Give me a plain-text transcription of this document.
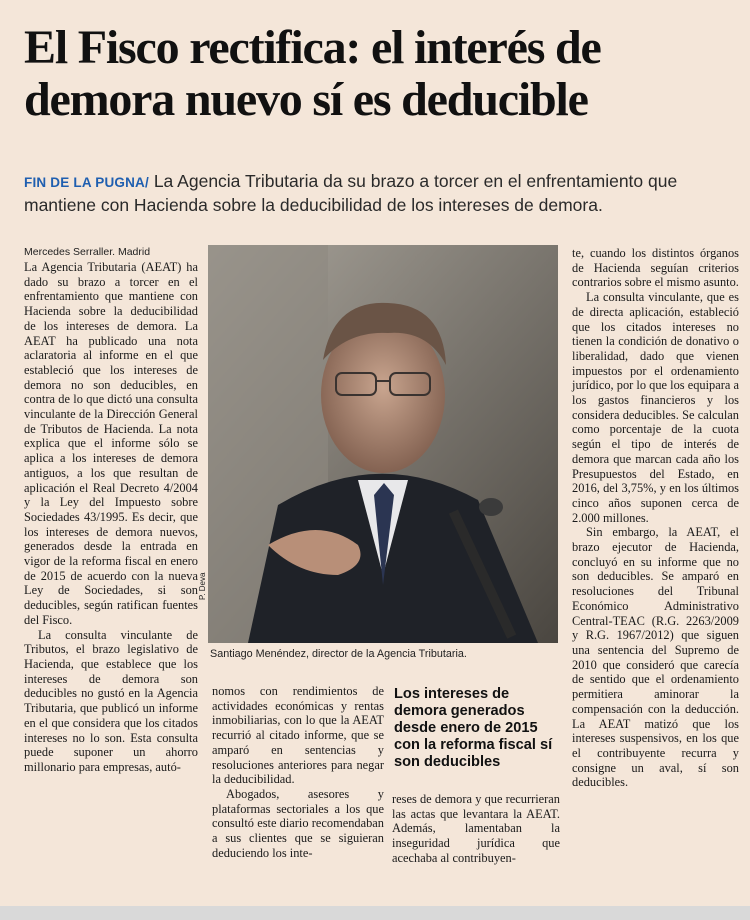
El Fisco rectifica: el interés de demora nuevo sí es deducible
FIN DE LA PUGNA/ La Agencia Tributaria da su brazo a torcer en el enfrentamiento que mantiene con Hacienda sobre la deducibilidad de los intereses de demora.
Mercedes Serraller. Madrid

La Agencia Tributaria (AEAT) ha dado su brazo a torcer en el enfrentamiento que mantiene con Hacienda sobre la deducibilidad de los intereses de demora. La AEAT ha publicado una nota aclaratoria al informe en el que estableció que los intereses de demora no son deducibles, en contra de lo que dictó una consulta vinculante de la Dirección General de Tributos de Hacienda. La nota explica que el informe sólo se aplica a los intereses de demora antiguos, a los que resultan de aplicación el Real Decreto 4/2004 y la Ley del Impuesto sobre Sociedades 43/1995. Es decir, que los intereses de demora nuevos, generados desde la entrada en vigor de la reforma fiscal en enero de 2015 de acuerdo con la nueva Ley de Sociedades, si son deducibles, según ratifican fuentes del Fisco.

La consulta vinculante de Tributos, el brazo legislativo de Hacienda, que establece que los intereses de demora son deducibles no gustó en la Agencia Tributaria, que publicó un informe en el que considera que los citados intereses no lo son. Esta consulta puede suponer un ahorro millonario para empresas, autó-

P. Deva
Santiago Menéndez, director de la Agencia Tributaria.

nomos con rendimientos de actividades económicas y rentas inmobiliarias, con lo que la AEAT recurrió al citado informe, que se amparó en sentencias y resoluciones anteriores para negar la deducibilidad.

Abogados, asesores y plataformas sectoriales a los que consultó este diario recomendaban a sus clientes que se siguieran deduciendo los inte-

Los intereses de demora generados desde enero de 2015 con la reforma fiscal sí son deducibles

reses de demora y que recurrieran las actas que levantara la AEAT. Además, lamentaban la inseguridad jurídica que acechaba al contribuyen-

te, cuando los distintos órganos de Hacienda seguían criterios contrarios sobre el mismo asunto.

La consulta vinculante, que es de directa aplicación, estableció que los citados intereses no tienen la condición de donativo o liberalidad, dado que vienen impuestos por el ordenamiento jurídico, por lo que los equipara a los gastos financieros y los considera deducibles. Se calculan como porcentaje de la cuota según el tipo de interés de demora que marcan cada año los Presupuestos del Estado, en 2016, del 3,75%, y en los últimos cinco años suponen cerca de 2.000 millones.

Sin embargo, la AEAT, el brazo ejecutor de Hacienda, concluyó en su informe que no son deducibles. Se amparó en resoluciones del Tribunal Económico Administrativo Central-TEAC (R.G. 2263/2009 y R.G. 1967/2012) que siguen una sentencia del Supremo de 2010 que consideró que carecía de sentido que el ordenamiento permitiera aminorar la compensación con la deducción. La AEAT matizó que los intereses suspensivos, en los que el contribuyente recurra y consigne un aval, sí son deducibles.
